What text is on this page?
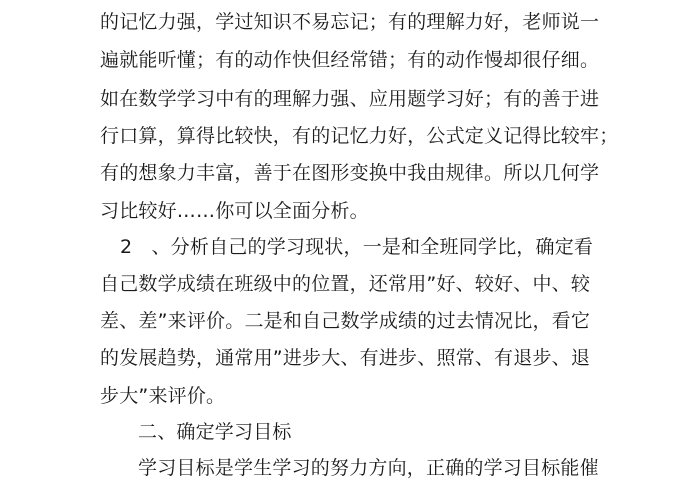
的记忆力强，学过知识不易忘记；有的理解力好，老师说一
遍就能听懂；有的动作快但经常错；有的动作慢却很仔细。
如在数学学习中有的理解力强、应用题学习好；有的善于进
行口算，算得比较快，有的记忆力好，公式定义记得比较牢；
有的想象力丰富，善于在图形变换中我由规律。所以几何学
习比较好……你可以全面分析。
2　、分析自己的学习现状，一是和全班同学比，确定看
自己数学成绩在班级中的位置，还常用”好、较好、中、较
差、差”来评价。二是和自己数学成绩的过去情况比，看它
的发展趋势，通常用”进步大、有进步、照常、有退步、退
步大”来评价。
二、确定学习目标
学习目标是学生学习的努力方向，正确的学习目标能催
